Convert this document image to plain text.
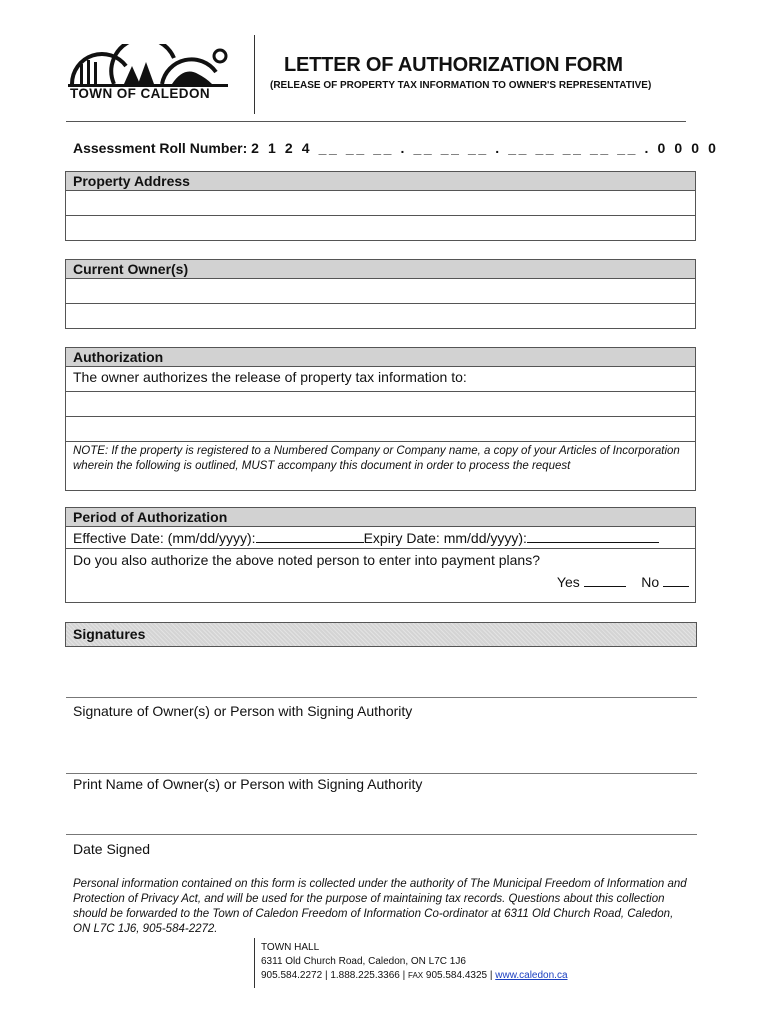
TOWN OF CALEDON
LETTER OF AUTHORIZATION FORM
(RELEASE OF PROPERTY TAX INFORMATION TO OWNER'S REPRESENTATIVE)
Assessment Roll Number: 2 1 2 4 __ __ __ . __ __ __ . __ __ __ __ __ . 0 0 0 0
Property Address
Current Owner(s)
Authorization
The owner authorizes the release of property tax information to:
NOTE: If the property is registered to a Numbered Company or Company name, a copy of your Articles of Incorporation wherein the following is outlined, MUST accompany this document in order to process the request
Period of Authorization
Effective Date: (mm/dd/yyyy):	Expiry Date: mm/dd/yyyy):
Do you also authorize the above noted person to enter into payment plans?
Yes	No
Signatures
Signature of Owner(s) or Person with Signing Authority
Print Name of Owner(s) or Person with Signing Authority
Date Signed
Personal information contained on this form is collected under the authority of The Municipal Freedom of Information and Protection of Privacy Act, and will be used for the purpose of maintaining tax records. Questions about this collection should be forwarded to the Town of Caledon Freedom of Information Co-ordinator at 6311 Old Church Road, Caledon, ON L7C 1J6, 905-584-2272.
TOWN HALL
6311 Old Church Road, Caledon, ON L7C 1J6
905.584.2272 | 1.888.225.3366 | FAX 905.584.4325 | www.caledon.ca
